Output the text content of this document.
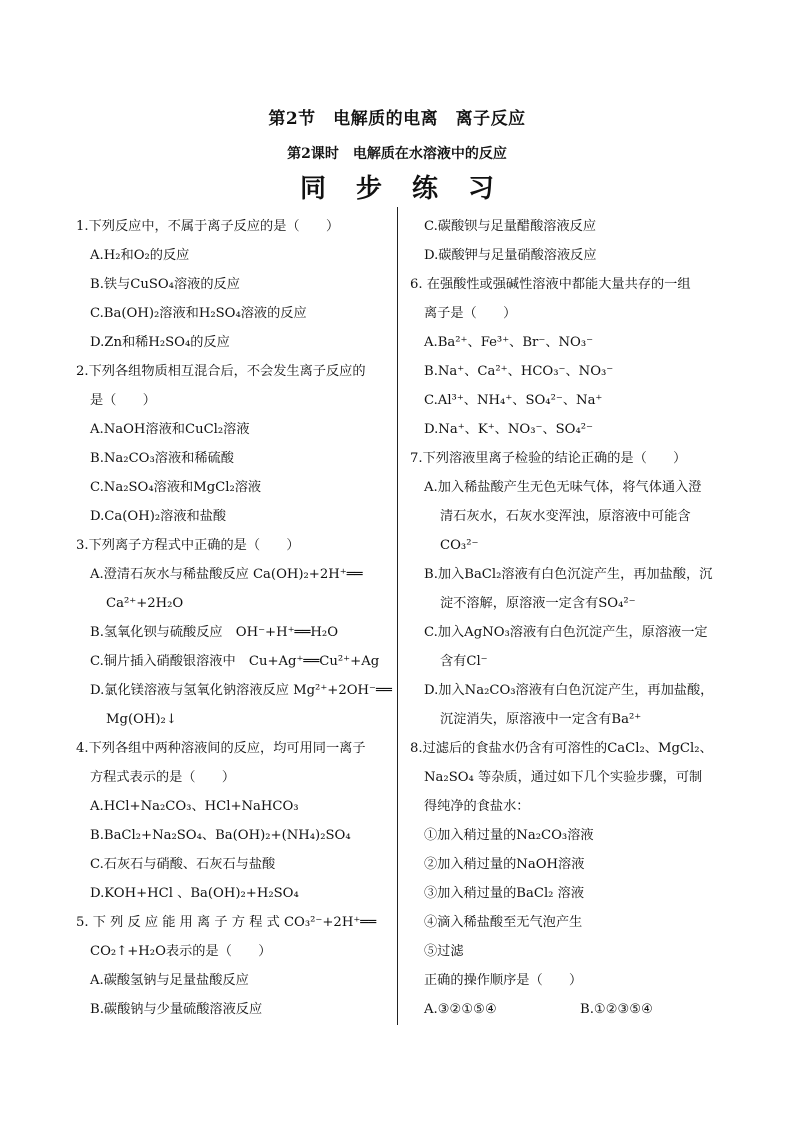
第2节　电解质的电离　离子反应
第2课时　电解质在水溶液中的反应
同步练习
1.下列反应中，不属于离子反应的是（　　）
A.H₂和O₂的反应
B.铁与CuSO₄溶液的反应
C.Ba(OH)₂溶液和H₂SO₄溶液的反应
D.Zn和稀H₂SO₄的反应
2.下列各组物质相互混合后，不会发生离子反应的
是（　　）
A.NaOH溶液和CuCl₂溶液
B.Na₂CO₃溶液和稀硫酸
C.Na₂SO₄溶液和MgCl₂溶液
D.Ca(OH)₂溶液和盐酸
3.下列离子方程式中正确的是（　　）
A.澄清石灰水与稀盐酸反应 Ca(OH)₂+2H⁺══
Ca²⁺+2H₂O
B.氢氧化钡与硫酸反应　OH⁻+H⁺══H₂O
C.铜片插入硝酸银溶液中　Cu+Ag⁺══Cu²⁺+Ag
D.氯化镁溶液与氢氧化钠溶液反应 Mg²⁺+2OH⁻══
Mg(OH)₂↓
4.下列各组中两种溶液间的反应，均可用同一离子
方程式表示的是（　　）
A.HCl+Na₂CO₃、HCl+NaHCO₃
B.BaCl₂+Na₂SO₄、Ba(OH)₂+(NH₄)₂SO₄
C.石灰石与硝酸、石灰石与盐酸
D.KOH+HCl 、Ba(OH)₂+H₂SO₄
5. 下 列 反 应 能 用 离 子 方 程 式 CO₃²⁻+2H⁺══
CO₂↑+H₂O表示的是（　　）
A.碳酸氢钠与足量盐酸反应
B.碳酸钠与少量硫酸溶液反应
C.碳酸钡与足量醋酸溶液反应
D.碳酸钾与足量硝酸溶液反应
6. 在强酸性或强碱性溶液中都能大量共存的一组
离子是（　　）
A.Ba²⁺、Fe³⁺、Br⁻、NO₃⁻
B.Na⁺、Ca²⁺、HCO₃⁻、NO₃⁻
C.Al³⁺、NH₄⁺、SO₄²⁻、Na⁺
D.Na⁺、K⁺、NO₃⁻、SO₄²⁻
7.下列溶液里离子检验的结论正确的是（　　）
A.加入稀盐酸产生无色无味气体，将气体通入澄
清石灰水，石灰水变浑浊，原溶液中可能含
CO₃²⁻
B.加入BaCl₂溶液有白色沉淀产生，再加盐酸，沉
淀不溶解，原溶液一定含有SO₄²⁻
C.加入AgNO₃溶液有白色沉淀产生，原溶液一定
含有Cl⁻
D.加入Na₂CO₃溶液有白色沉淀产生，再加盐酸，
沉淀消失，原溶液中一定含有Ba²⁺
8.过滤后的食盐水仍含有可溶性的CaCl₂、MgCl₂、
Na₂SO₄ 等杂质，通过如下几个实验步骤，可制
得纯净的食盐水：
①加入稍过量的Na₂CO₃溶液
②加入稍过量的NaOH溶液
③加入稍过量的BaCl₂ 溶液
④滴入稀盐酸至无气泡产生
⑤过滤
正确的操作顺序是（　　）
A.③②①⑤④	B.①②③⑤④
